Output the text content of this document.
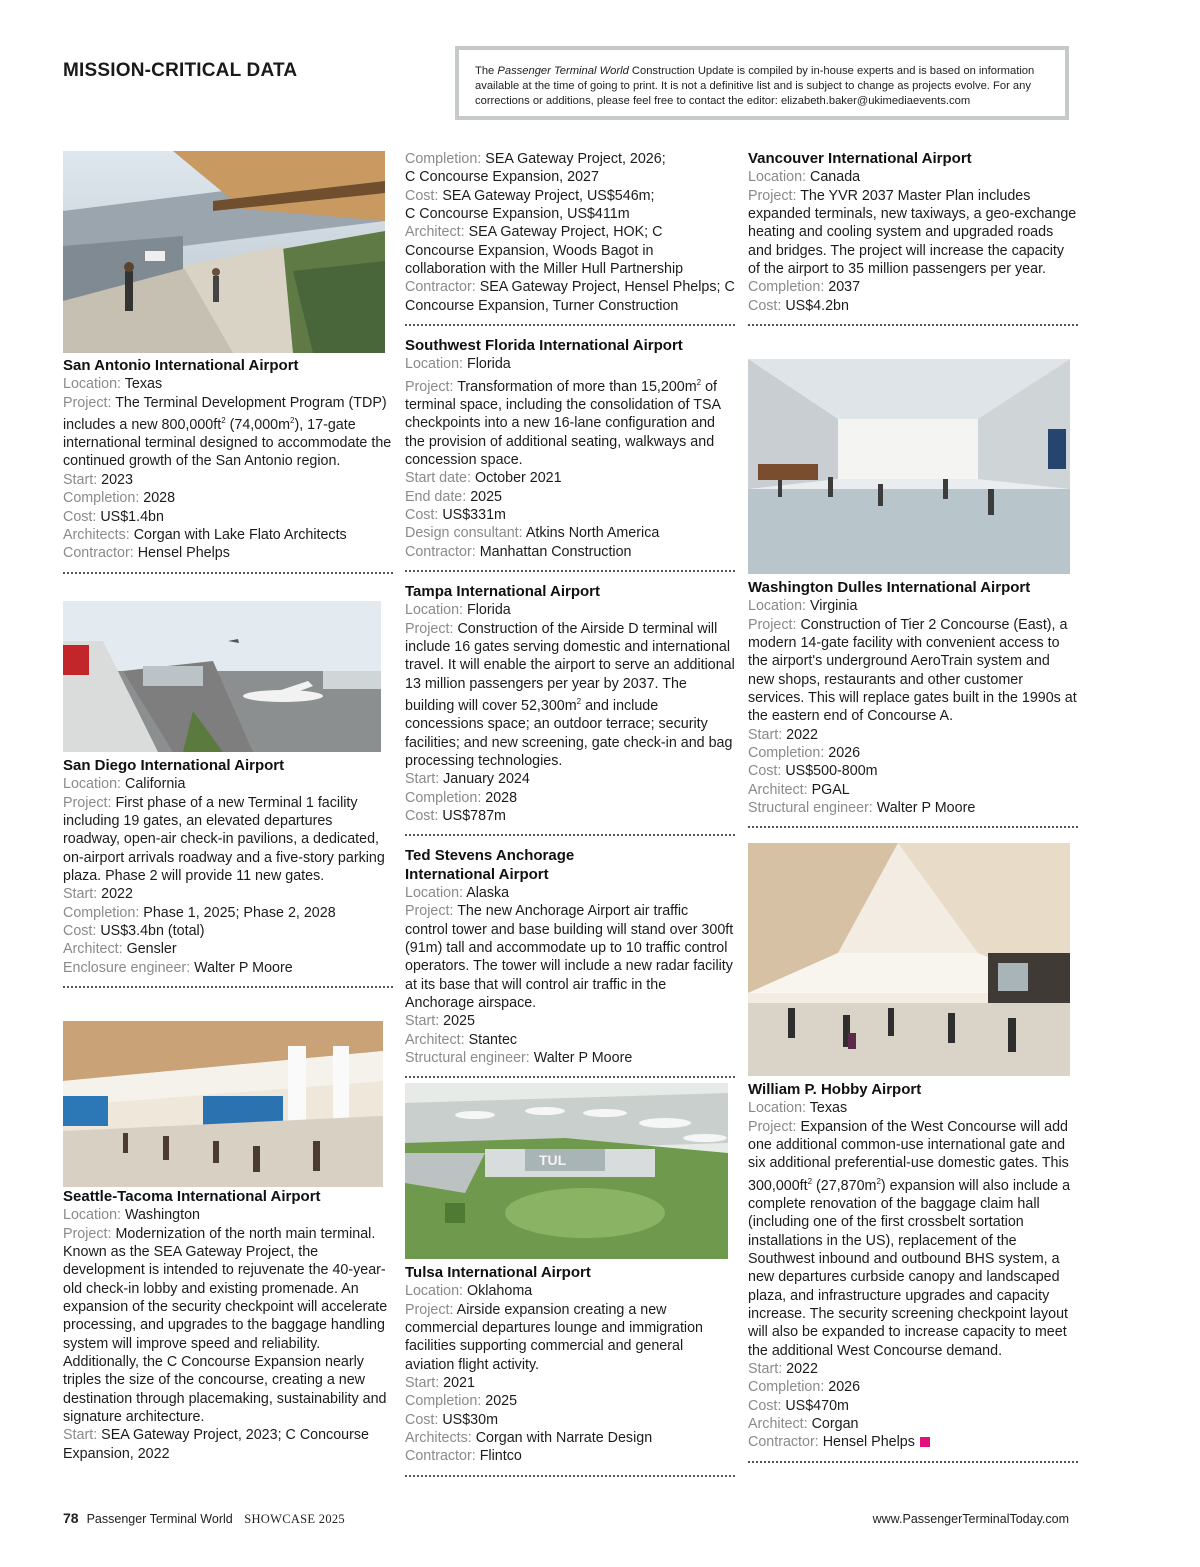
MISSION-CRITICAL DATA	The Passenger Terminal World Construction Update is compiled by in-house experts and is based on information available at the time of going to print. It is not a definitive list and is subject to change as projects evolve. For any corrections or additions, please feel free to contact the editor: elizabeth.baker@ukimediaevents.com
TUL

San Antonio International Airport

Location: Texas

Project: The Terminal Development Program (TDP) includes a new $800,000ft^2$ $(74,000m^2)$, 17-gate international terminal designed to accommodate the continued growth of the San Antonio region.

Start: 2023

Completion: 2028

Cost: US$1.4bn

Architects: Corgan with Lake Flato Architects

Contractor: Hensel Phelps

San Diego International Airport

Location: California

Project: First phase of a new Terminal 1 facility including 19 gates, an elevated departures roadway, open-air check-in pavilions, a dedicated, on-airport arrivals roadway and a five-story parking plaza. Phase 2 will provide 11 new gates.

Start: 2022

Completion: Phase 1, 2025; Phase 2, 2028

Cost: US$3.4bn (total)

Architect: Gensler

Enclosure engineer: Walter P Moore

Seattle-Tacoma International Airport

Location: Washington

Project: Modernization of the north main terminal. Known as the SEA Gateway Project, the development is intended to rejuvenate the 40-year-old check-in lobby and existing promenade. An expansion of the security checkpoint will accelerate processing, and upgrades to the baggage handling system will improve speed and reliability. Additionally, the C Concourse Expansion nearly triples the size of the concourse, creating a new destination through placemaking, sustainability and signature architecture.

Start: SEA Gateway Project, 2023; C Concourse Expansion, 2022

Completion: SEA Gateway Project, 2026;
C Concourse Expansion, 2027

Cost: SEA Gateway Project, US$546m;
C Concourse Expansion, US$411m

Architect: SEA Gateway Project, HOK; C Concourse Expansion, Woods Bagot in collaboration with the Miller Hull Partnership

Contractor: SEA Gateway Project, Hensel Phelps; C Concourse Expansion, Turner Construction

Southwest Florida International Airport

Location: Florida

Project: Transformation of more than $15,200m^2$ of terminal space, including the consolidation of TSA checkpoints into a new 16-lane configuration and the provision of additional seating, walkways and concession space.

Start date: October 2021

End date: 2025

Cost: US$331m

Design consultant: Atkins North America

Contractor: Manhattan Construction

Tampa International Airport

Location: Florida

Project: Construction of the Airside D terminal will include 16 gates serving domestic and international travel. It will enable the airport to serve an additional 13 million passengers per year by 2037. The building will cover $52,300m^2$ and include concessions space; an outdoor terrace; security facilities; and new screening, gate check-in and bag processing technologies.

Start: January 2024

Completion: 2028

Cost: US$787m

Ted Stevens Anchorage
International Airport

Location: Alaska

Project: The new Anchorage Airport air traffic control tower and base building will stand over 300ft (91m) tall and accommodate up to 10 traffic control operators. The tower will include a new radar facility at its base that will control air traffic in the Anchorage airspace.

Start: 2025

Architect: Stantec

Structural engineer: Walter P Moore

Tulsa International Airport

Location: Oklahoma

Project: Airside expansion creating a new commercial departures lounge and immigration facilities supporting commercial and general aviation flight activity.

Start: 2021

Completion: 2025

Cost: US$30m

Architects: Corgan with Narrate Design

Contractor: Flintco

Vancouver International Airport

Location: Canada

Project: The YVR 2037 Master Plan includes expanded terminals, new taxiways, a geo-exchange heating and cooling system and upgraded roads and bridges. The project will increase the capacity of the airport to 35 million passengers per year.

Completion: 2037

Cost: US$4.2bn

Washington Dulles International Airport

Location: Virginia

Project: Construction of Tier 2 Concourse (East), a modern 14-gate facility with convenient access to the airport's underground AeroTrain system and new shops, restaurants and other customer services. This will replace gates built in the 1990s at the eastern end of Concourse A.

Start: 2022

Completion: 2026

Cost: US$500-800m

Architect: PGAL

Structural engineer: Walter P Moore

William P. Hobby Airport

Location: Texas

Project: Expansion of the West Concourse will add one additional common-use international gate and six additional preferential-use domestic gates. This $300,000ft^2$ $(27,870m^2)$ expansion will also include a complete renovation of the baggage claim hall (including one of the first crossbelt sortation installations in the US), replacement of the Southwest inbound and outbound BHS system, a new departures curbside canopy and landscaped plaza, and infrastructure upgrades and capacity increase. The security screening checkpoint layout will also be expanded to increase capacity to meet the additional West Concourse demand.

Start: 2022

Completion: 2026

Cost: US$470m

Architect: Corgan

Contractor: Hensel Phelps

78 Passenger Terminal World SHOWCASE 2025	www.PassengerTerminalToday.com
